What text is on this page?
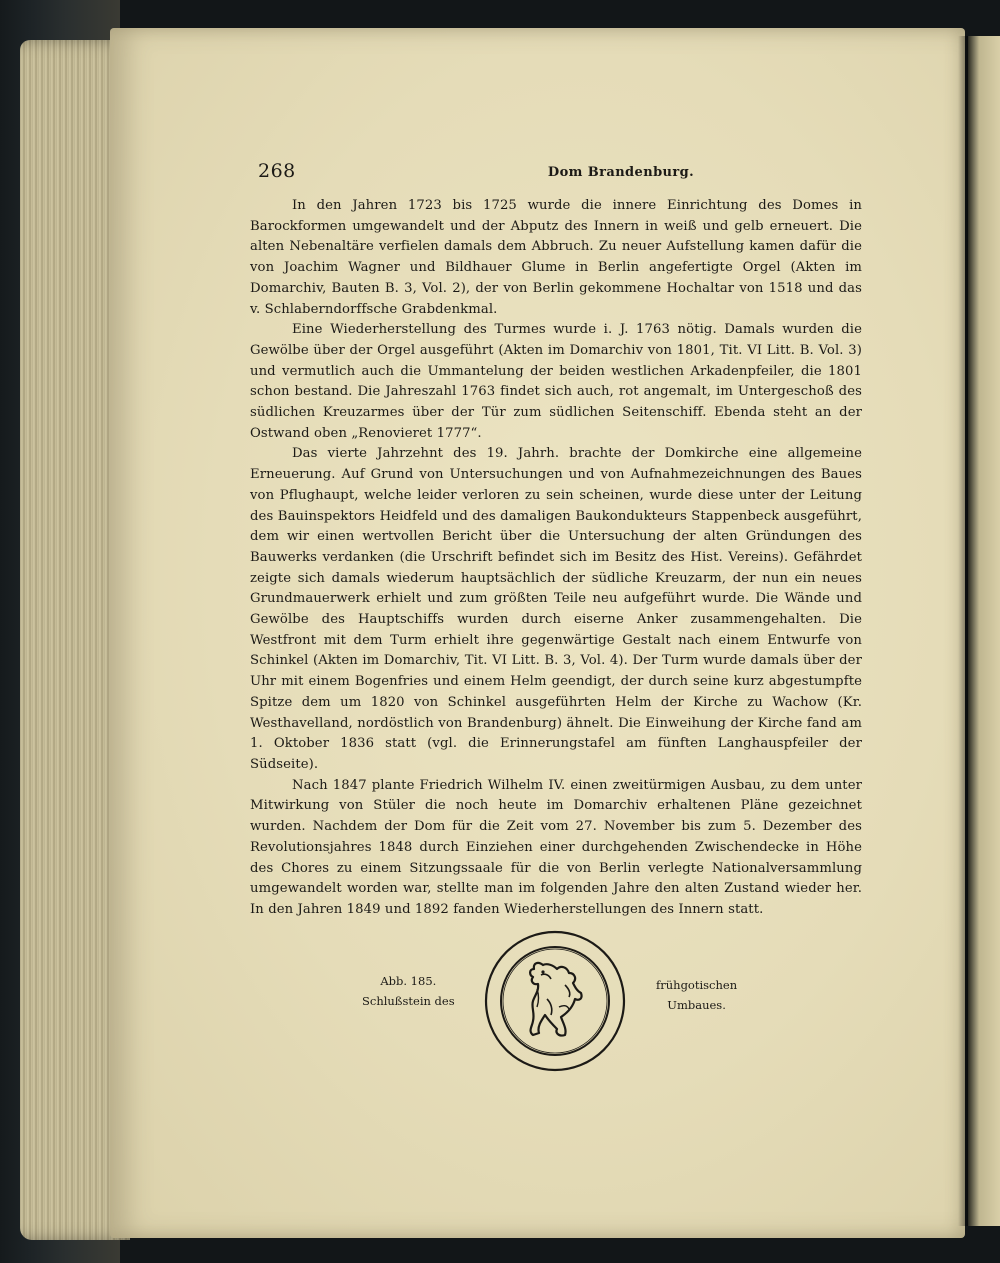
268	Dom Brandenburg.

In den Jahren 1723 bis 1725 wurde die innere Einrichtung des Domes in Barockformen umgewandelt und der Abputz des Innern in weiß und gelb erneuert. Die alten Nebenaltäre verfielen damals dem Abbruch. Zu neuer Aufstellung kamen dafür die von Joachim Wagner und Bildhauer Glume in Berlin angefertigte Orgel (Akten im Domarchiv, Bauten B. 3, Vol. 2), der von Berlin gekommene Hochaltar von 1518 und das v. Schlaberndorffsche Grabdenkmal.

Eine Wiederherstellung des Turmes wurde i. J. 1763 nötig. Damals wurden die Gewölbe über der Orgel ausgeführt (Akten im Domarchiv von 1801, Tit. VI Litt. B. Vol. 3) und vermutlich auch die Ummantelung der beiden westlichen Arkadenpfeiler, die 1801 schon bestand. Die Jahreszahl 1763 findet sich auch, rot angemalt, im Untergeschoß des südlichen Kreuzarmes über der Tür zum südlichen Seitenschiff. Ebenda steht an der Ostwand oben „Renovieret 1777“.

Das vierte Jahrzehnt des 19. Jahrh. brachte der Domkirche eine allgemeine Erneuerung. Auf Grund von Untersuchungen und von Aufnahmezeichnungen des Baues von Pflughaupt, welche leider verloren zu sein scheinen, wurde diese unter der Leitung des Bauinspektors Heidfeld und des damaligen Baukondukteurs Stappenbeck ausgeführt, dem wir einen wertvollen Bericht über die Untersuchung der alten Gründungen des Bauwerks verdanken (die Urschrift befindet sich im Besitz des Hist. Vereins). Gefährdet zeigte sich damals wiederum hauptsächlich der südliche Kreuzarm, der nun ein neues Grundmauerwerk erhielt und zum größten Teile neu aufgeführt wurde. Die Wände und Gewölbe des Hauptschiffs wurden durch eiserne Anker zusammengehalten. Die Westfront mit dem Turm erhielt ihre gegenwärtige Gestalt nach einem Entwurfe von Schinkel (Akten im Domarchiv, Tit. VI Litt. B. 3, Vol. 4). Der Turm wurde damals über der Uhr mit einem Bogenfries und einem Helm geendigt, der durch seine kurz abgestumpfte Spitze dem um 1820 von Schinkel ausgeführten Helm der Kirche zu Wachow (Kr. Westhavelland, nordöstlich von Brandenburg) ähnelt. Die Einweihung der Kirche fand am 1. Oktober 1836 statt (vgl. die Erinnerungstafel am fünften Langhauspfeiler der Südseite).

Nach 1847 plante Friedrich Wilhelm IV. einen zweitürmigen Ausbau, zu dem unter Mitwirkung von Stüler die noch heute im Domarchiv erhaltenen Pläne gezeichnet wurden. Nachdem der Dom für die Zeit vom 27. November bis zum 5. Dezember des Revolutionsjahres 1848 durch Einziehen einer durchgehenden Zwischendecke in Höhe des Chores zu einem Sitzungssaale für die von Berlin verlegte Nationalversammlung umgewandelt worden war, stellte man im folgenden Jahre den alten Zustand wieder her. In den Jahren 1849 und 1892 fanden Wiederherstellungen des Innern statt.

Abb. 185.
Schlußstein des
frühgotischen
Umbaues.
